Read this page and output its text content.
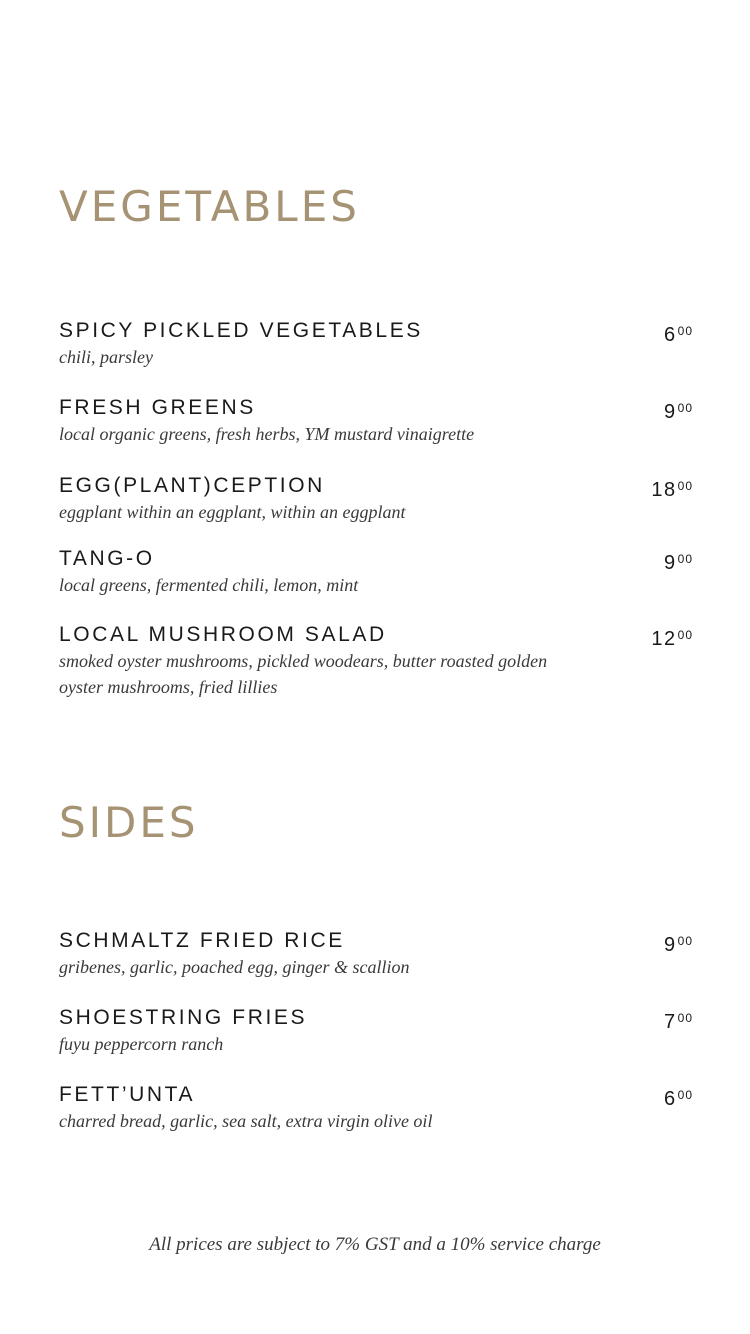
VEGETABLES
SPICY PICKLED VEGETABLES
chili, parsley
$6^{00}$
FRESH GREENS
local organic greens, fresh herbs, YM mustard vinaigrette
$9^{00}$
EGG(PLANT)CEPTION
eggplant within an eggplant, within an eggplant
$18^{00}$
TANG-O
local greens, fermented chili, lemon, mint
$9^{00}$
LOCAL MUSHROOM SALAD
smoked oyster mushrooms, pickled woodears, butter roasted golden oyster mushrooms, fried lillies
$12^{00}$
SIDES
SCHMALTZ FRIED RICE
gribenes, garlic, poached egg, ginger & scallion
$9^{00}$
SHOESTRING FRIES
fuyu peppercorn ranch
$7^{00}$
FETT’UNTA
charred bread, garlic, sea salt, extra virgin olive oil
$6^{00}$
All prices are subject to 7% GST and a 10% service charge
